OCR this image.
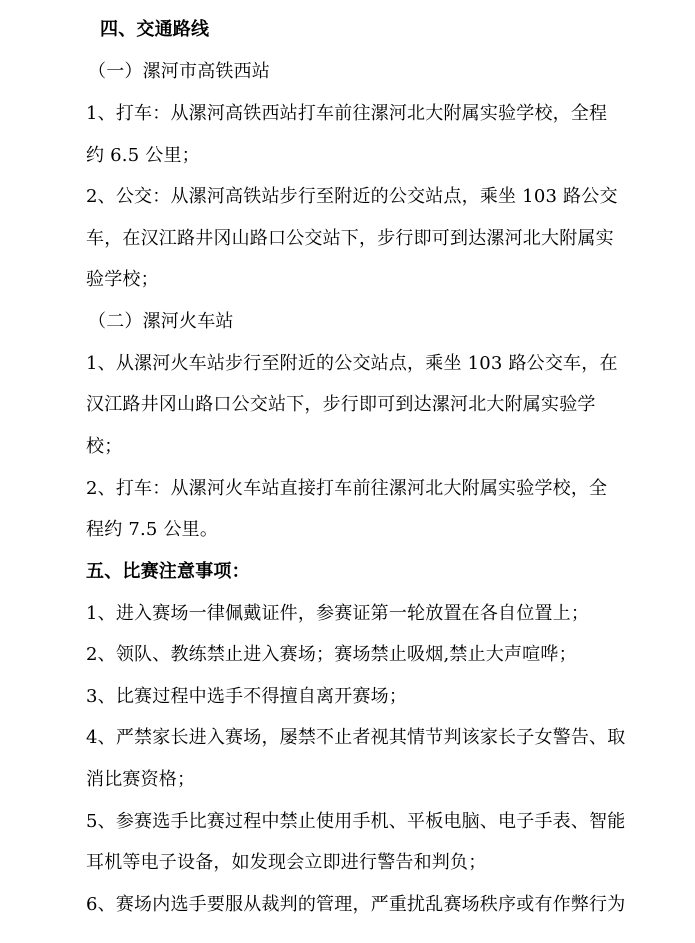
四、交通路线
（一）漯河市高铁西站
1、打车：从漯河高铁西站打车前往漯河北大附属实验学校，全程
约 6.5 公里；
2、公交：从漯河高铁站步行至附近的公交站点，乘坐 103 路公交
车，在汉江路井冈山路口公交站下，步行即可到达漯河北大附属实
验学校；
（二）漯河火车站
1、从漯河火车站步行至附近的公交站点，乘坐 103 路公交车，在
汉江路井冈山路口公交站下，步行即可到达漯河北大附属实验学
校；
2、打车：从漯河火车站直接打车前往漯河北大附属实验学校，全
程约 7.5 公里。
五、比赛注意事项：
1、进入赛场一律佩戴证件，参赛证第一轮放置在各自位置上；
2、领队、教练禁止进入赛场；赛场禁止吸烟,禁止大声喧哗；
3、比赛过程中选手不得擅自离开赛场；
4、严禁家长进入赛场，屡禁不止者视其情节判该家长子女警告、取
消比赛资格；
5、参赛选手比赛过程中禁止使用手机、平板电脑、电子手表、智能
耳机等电子设备，如发现会立即进行警告和判负；
6、赛场内选手要服从裁判的管理，严重扰乱赛场秩序或有作弊行为
